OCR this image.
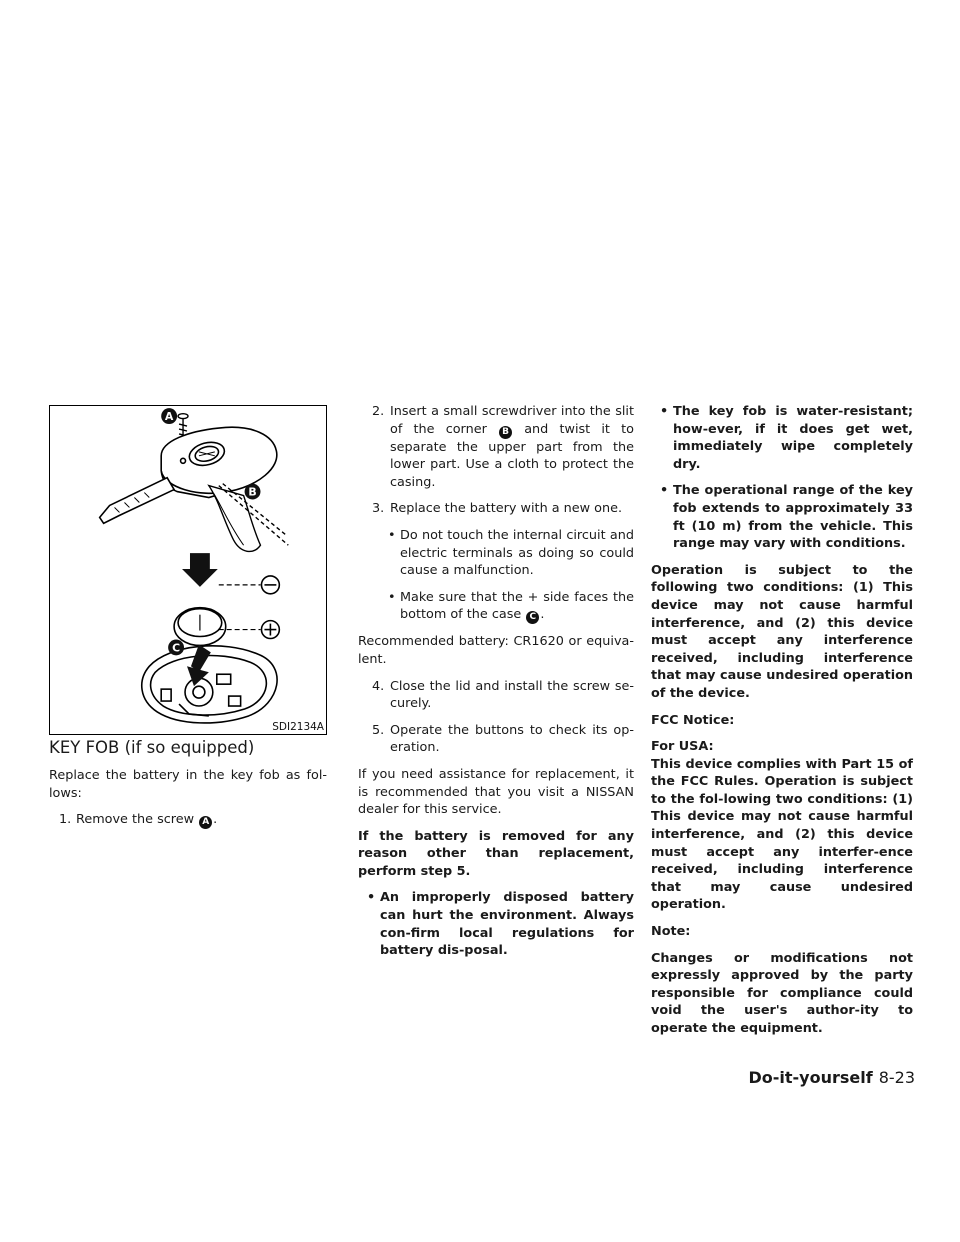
A
B
C
SDI2134A
KEY FOB (if so equipped)

Replace the battery in the key fob as fol-lows:

1. Remove the screw A .
2. Insert a small screwdriver into the slit of the corner B and twist it to separate the upper part from the lower part. Use a cloth to protect the casing.
3. Replace the battery with a new one.
• Do not touch the internal circuit and electric terminals as doing so could cause a malfunction.
• Make sure that the + side faces the bottom of the case C .

Recommended battery: CR1620 or equiva-lent.

4. Close the lid and install the screw se-curely.
5. Operate the buttons to check its op-eration.

If you need assistance for replacement, it is recommended that you visit a NISSAN dealer for this service.

If the battery is removed for any reason other than replacement, perform step 5.

• An improperly disposed battery can hurt the environment. Always con-firm local regulations for battery dis-posal.
• The key fob is water-resistant; how-ever, if it does get wet, immediately wipe completely dry.
• The operational range of the key fob extends to approximately 33 ft (10 m) from the vehicle. This range may vary with conditions.

Operation is subject to the following two conditions: (1) This device may not cause harmful interference, and (2) this device must accept any interference received, including interference that may cause undesired operation of the device.

FCC Notice:

For USA:

This device complies with Part 15 of the FCC Rules. Operation is subject to the fol-lowing two conditions: (1) This device may not cause harmful interference, and (2) this device must accept any interfer-ence received, including interference that may cause undesired operation.

Note:

Changes or modifications not expressly approved by the party responsible for compliance could void the user's author-ity to operate the equipment.

Do-it-yourself 8-23
